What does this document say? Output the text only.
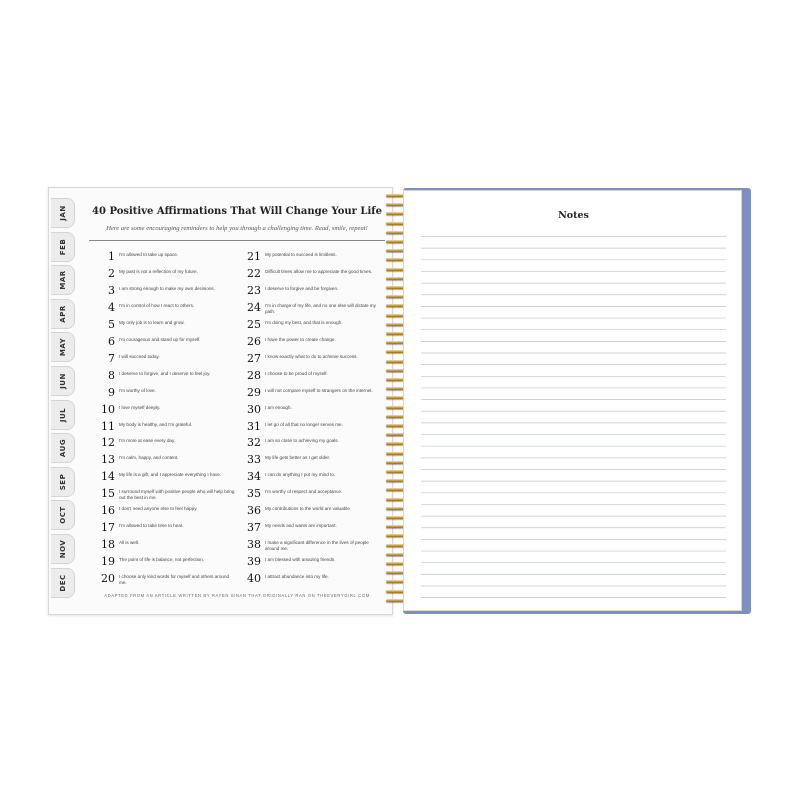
JAN
FEB
MAR
APR
MAY
JUN
JUL
AUG
SEP
OCT
NOV
DEC
40 Positive Affirmations That Will Change Your Life
Here are some encouraging reminders to help you through a challenging time. Read, smile, repeat!
1 I'm allowed to take up space.
2 My past is not a reflection of my future.
3 I am strong enough to make my own decisions.
4 I'm in control of how I react to others.
5 My only job is to learn and grow.
6 I'm courageous and stand up for myself.
7 I will succeed today.
8 I deserve to forgive, and I deserve to feel joy.
9 I'm worthy of love.
10 I love myself deeply.
11 My body is healthy, and I'm grateful.
12 I'm more at ease every day.
13 I'm calm, happy, and content.
14 My life is a gift, and I appreciate everything I have.
15 I surround myself with positive people who will help bring out the best in me.
16 I don't need anyone else to feel happy.
17 I'm allowed to take time to heal.
18 All is well.
19 The point of life is balance, not perfection.
20 I choose only kind words for myself and others around me.
21 My potential to succeed is limitless.
22 Difficult times allow me to appreciate the good times.
23 I deserve to forgive and be forgiven.
24 I'm in charge of my life, and no one else will dictate my path.
25 I'm doing my best, and that is enough.
26 I have the power to create change.
27 I know exactly what to do to achieve success.
28 I choose to be proud of myself.
29 I will not compare myself to strangers on the internet.
30 I am enough.
31 I let go of all that no longer serves me.
32 I am so close to achieving my goals.
33 My life gets better as I get older.
34 I can do anything I put my mind to.
35 I'm worthy of respect and acceptance.
36 My contributions to the world are valuable.
37 My needs and wants are important.
38 I make a significant difference in the lives of people around me.
39 I am blessed with amazing friends.
40 I attract abundance into my life.
ADAPTED FROM AN ARTICLE WRITTEN BY RAYEN SINAN THAT ORIGINALLY RAN ON THEEVERYGIRL.COM
Notes
